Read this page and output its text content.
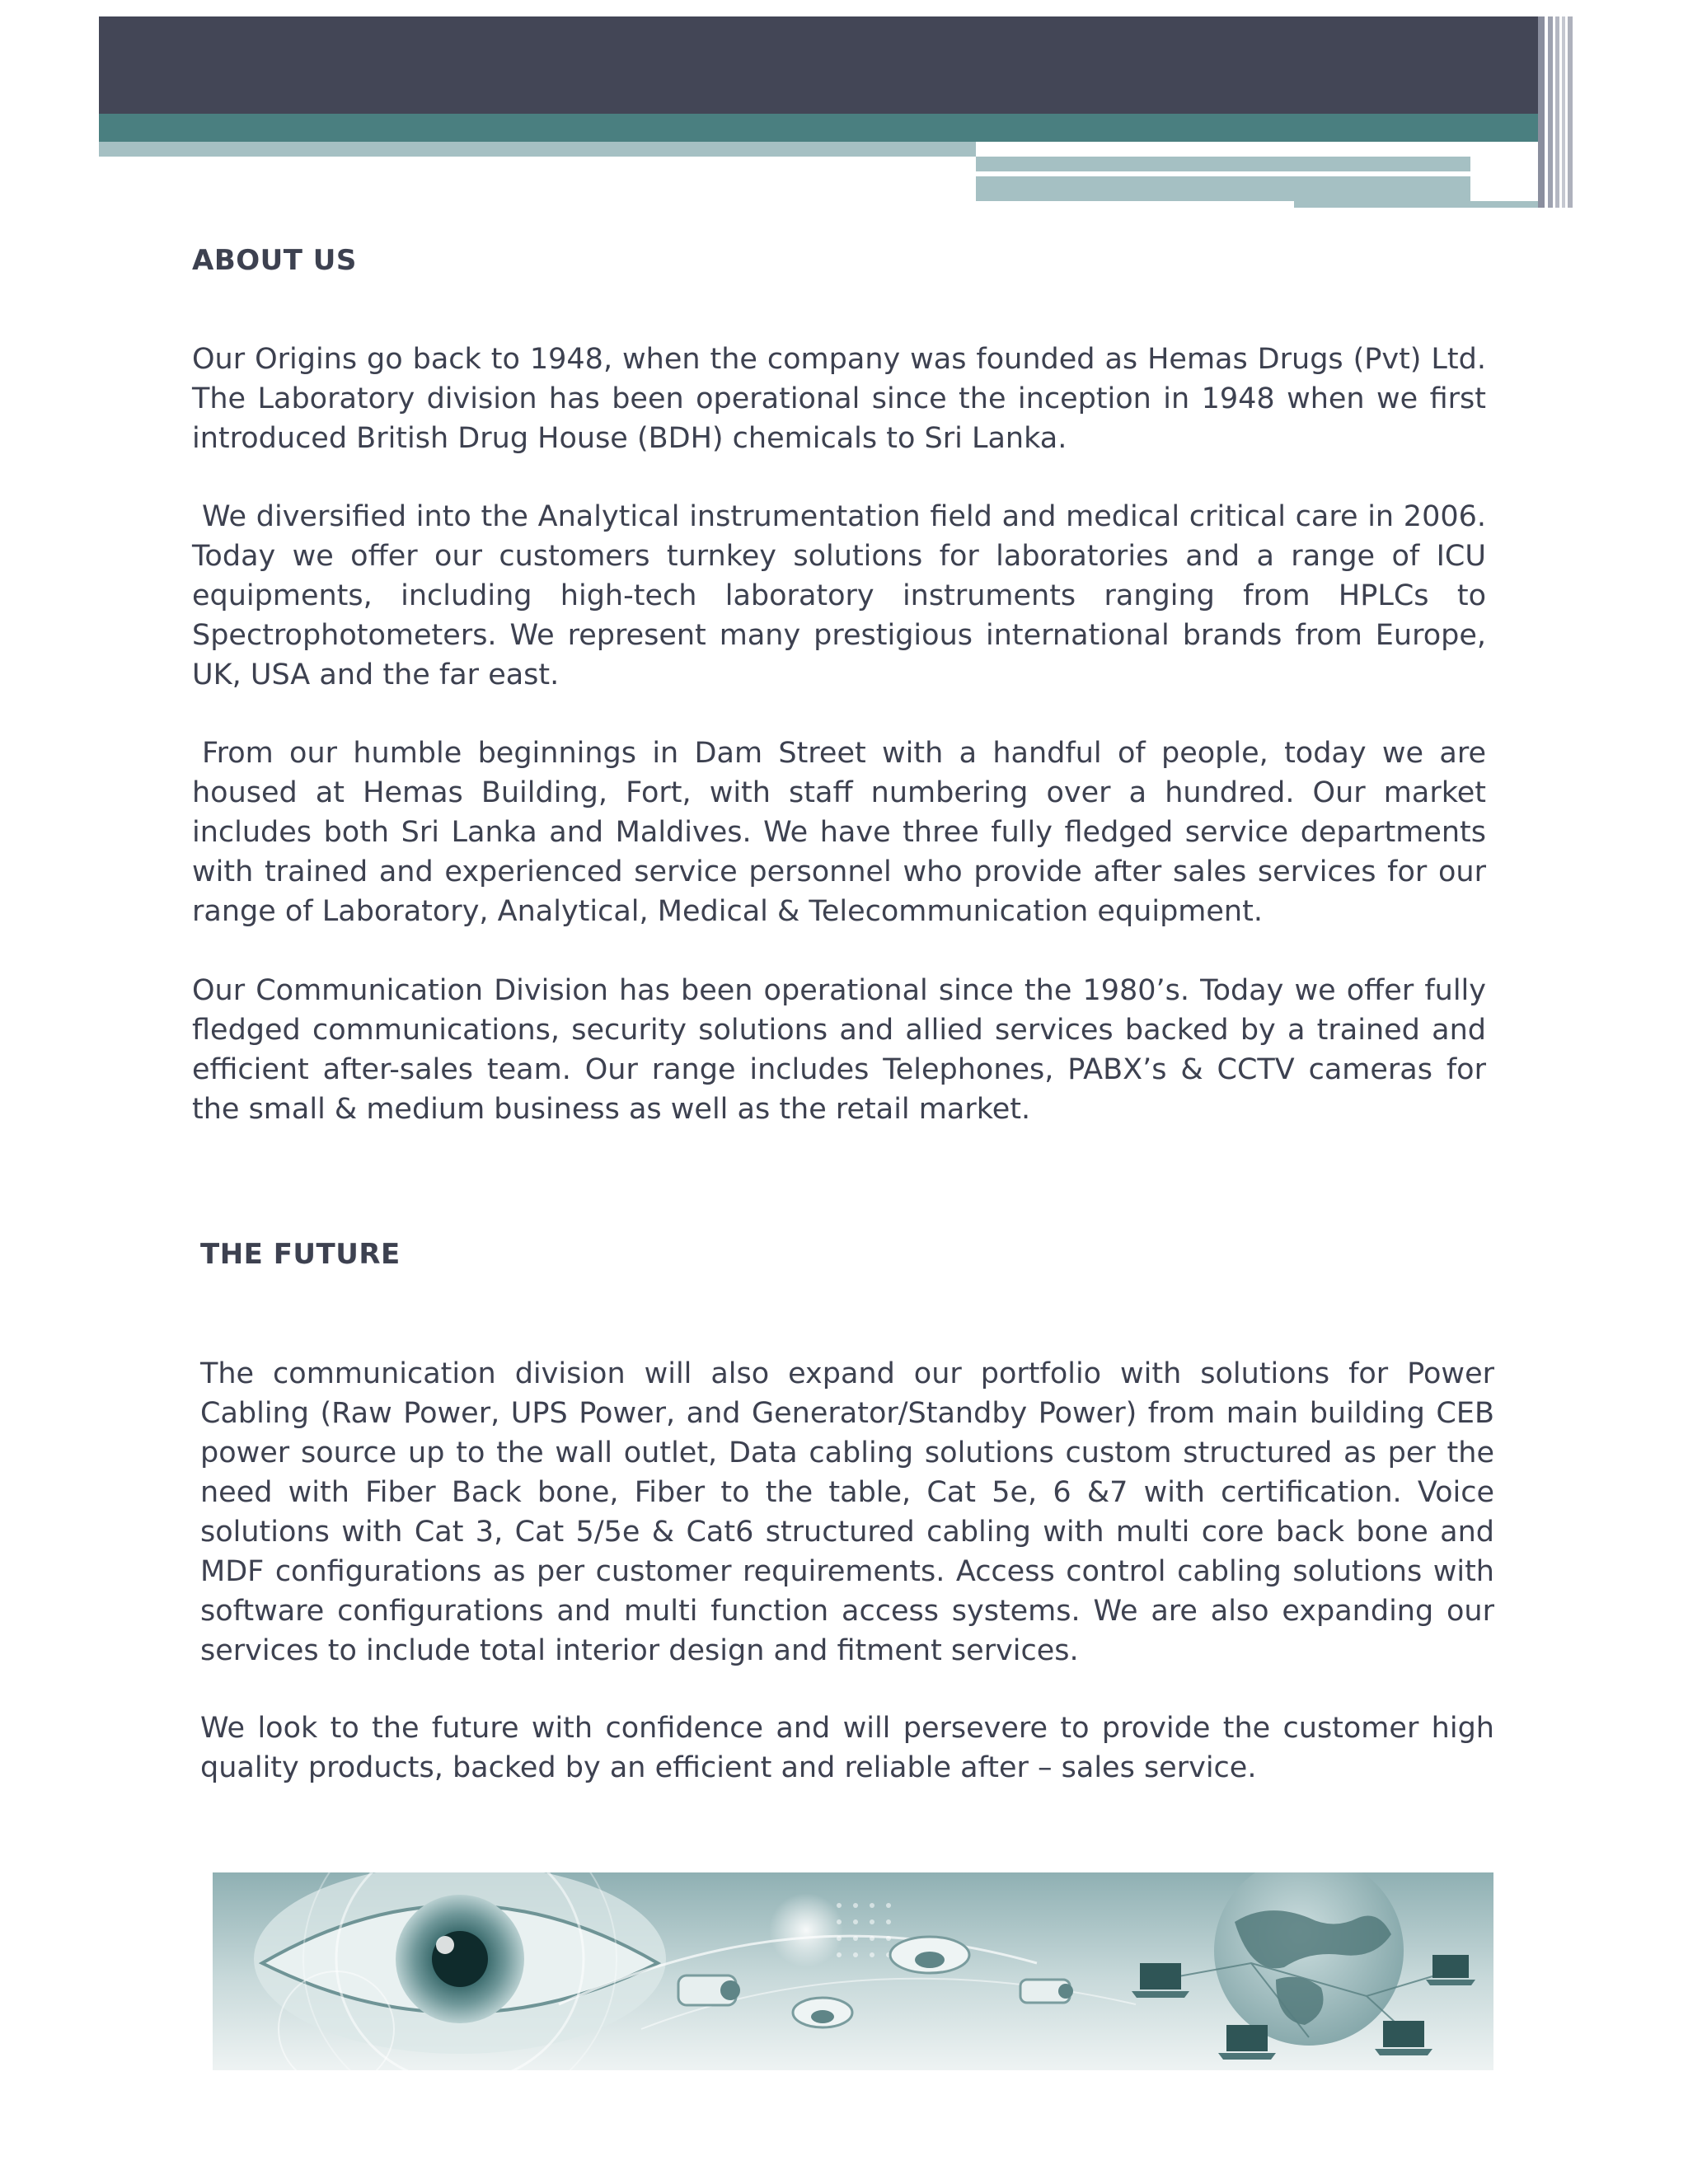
ABOUT US

Our Origins go back to 1948, when the company was founded as Hemas Drugs (Pvt) Ltd. The Laboratory division has been operational since the inception in 1948 when we first introduced British Drug House (BDH) chemicals to Sri Lanka.

We diversified into the Analytical instrumentation field and medical critical care in 2006. Today we offer our customers turnkey solutions for laboratories and a range of ICU equipments, including high-tech laboratory instruments ranging from HPLCs to Spectrophotometers. We represent many prestigious international brands from Europe, UK, USA and the far east.

From our humble beginnings in Dam Street with a handful of people, today we are housed at Hemas Building, Fort, with staff numbering over a hundred. Our market includes both Sri Lanka and Maldives. We have three fully fledged service departments with trained and experienced service personnel who provide after sales services for our range of Laboratory, Analytical, Medical & Telecommunication equipment.

Our Communication Division has been operational since the 1980’s. Today we offer fully fledged communications, security solutions and allied services backed by a trained and efficient after-sales team. Our range includes Telephones, PABX’s & CCTV cameras for the small & medium business as well as the retail market.

THE FUTURE

The communication division will also expand our portfolio with solutions for Power Cabling (Raw Power, UPS Power, and Generator/Standby Power) from main building CEB power source up to the wall outlet, Data cabling solutions custom structured as per the need with Fiber Back bone, Fiber to the table, Cat 5e, 6 &7 with certification. Voice solutions with Cat 3, Cat 5/5e & Cat6 structured cabling with multi core back bone and MDF configurations as per customer requirements. Access control cabling solutions with software configurations and multi function access systems. We are also expanding our services to include total interior design and fitment services.

We look to the future with confidence and will persevere to provide the customer high quality products, backed by an efficient and reliable after – sales service.
